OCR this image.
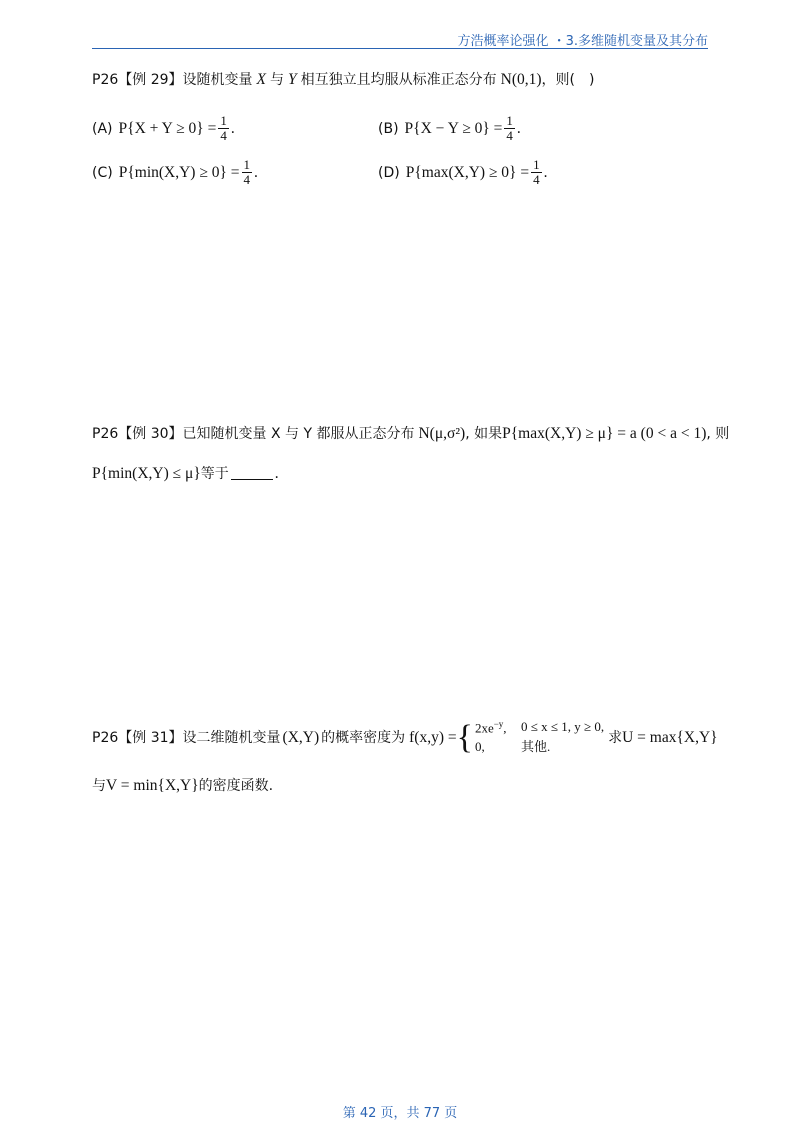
方浩概率论强化 ・3.多维随机变量及其分布
P26【例 29】设随机变量 X 与 Y 相互独立且均服从标准正态分布 N(0,1) ，则(　)
(A) $P\{X + Y \ge 0\} = \frac{1}{4}$ .	(B) $P\{X - Y \ge 0\} = \frac{1}{4}$ .
(C) $P\{\min(X,Y) \ge 0\} = \frac{1}{4}$ .	(D) $P\{\max(X,Y) \ge 0\} = \frac{1}{4}$ .
P26【例 30】已知随机变量 X 与 Y 都服从正态分布 N(μ,σ²) , 如果 P{max(X,Y) ≥ μ} = a (0 < a < 1) , 则
P{min(X,Y) ≤ μ} 等于	.
P26【例 31】设二维随机变量 (X,Y) 的概率密度为 f(x,y) = { $2xe^{-y}$,	0 ≤ x ≤ 1, y ≥ 0,
0,	其他.
求 U = max{X,Y}
与 V = min{X,Y} 的密度函数.
第 42 页，共 77 页
